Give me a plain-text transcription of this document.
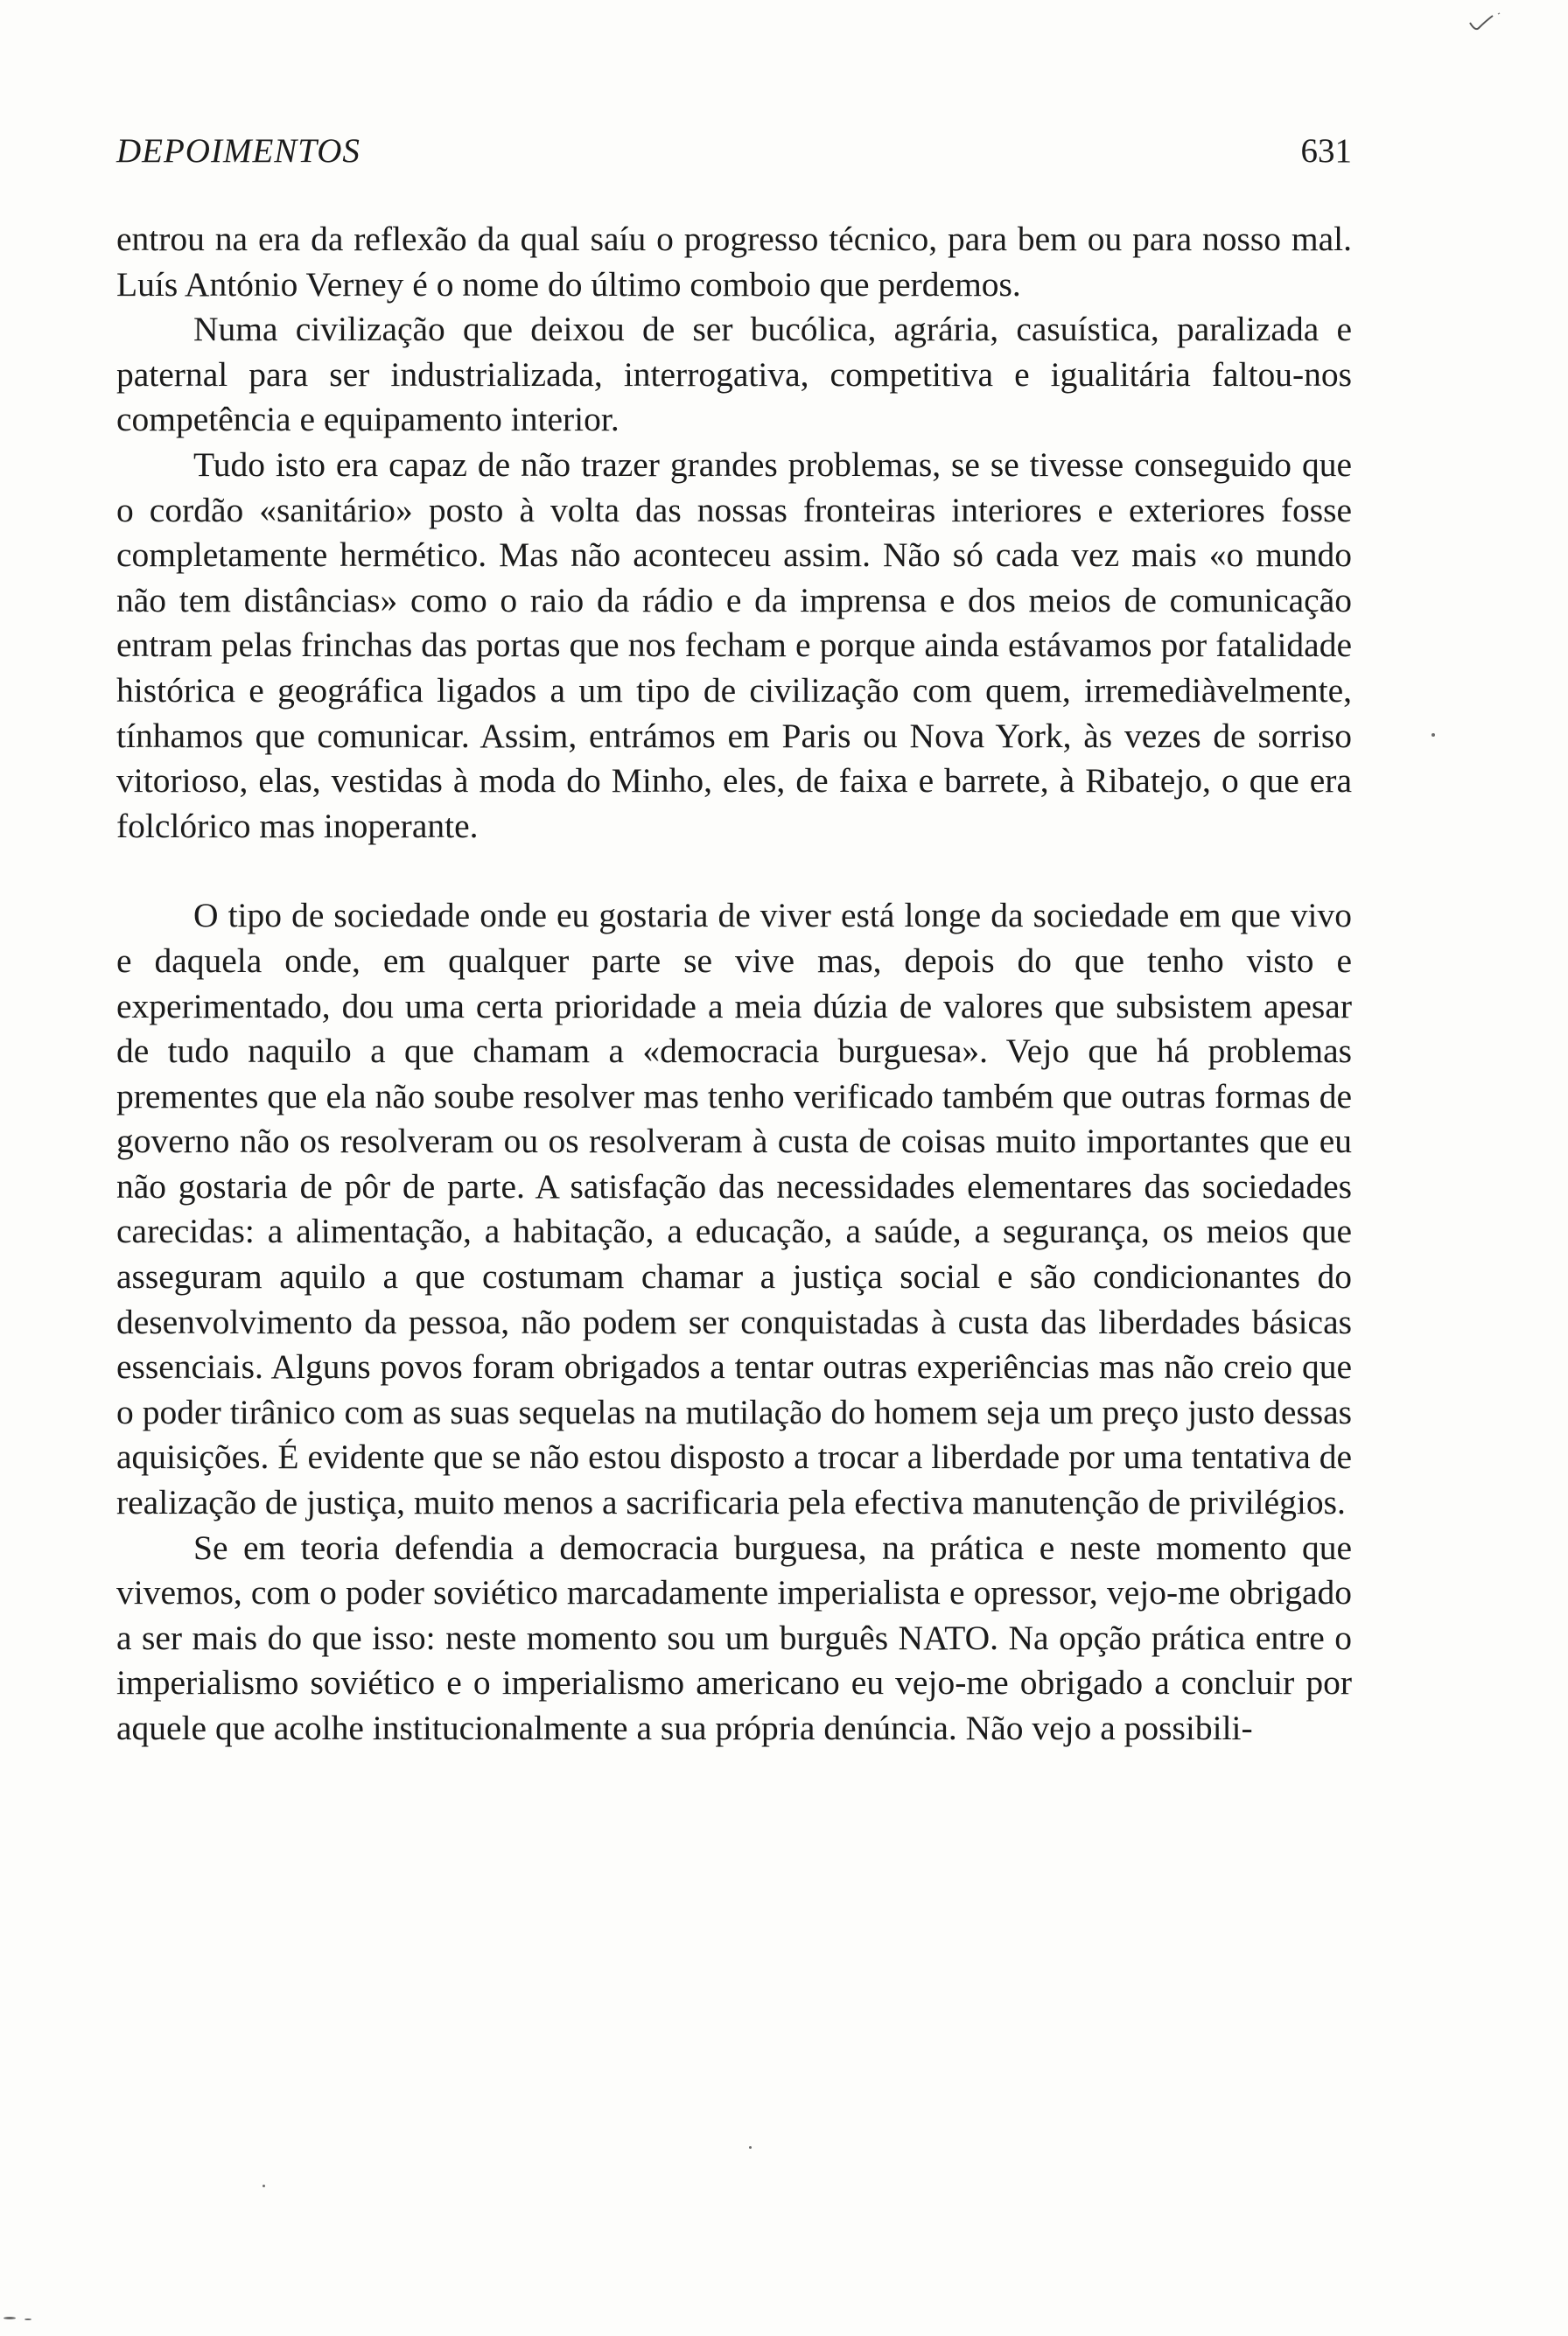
DEPOIMENTOS	631

entrou na era da reflexão da qual saíu o progresso técnico, para bem ou para nosso mal. Luís António Verney é o nome do último comboio que perdemos.

Numa civilização que deixou de ser bucólica, agrária, casuística, paralizada e paternal para ser industrializada, interrogativa, competitiva e igualitária faltou-nos competência e equipamento interior.

Tudo isto era capaz de não trazer grandes problemas, se se tivesse conseguido que o cordão «sanitário» posto à volta das nossas fronteiras interiores e exteriores fosse completamente hermético. Mas não aconteceu assim. Não só cada vez mais «o mundo não tem distâncias» como o raio da rádio e da imprensa e dos meios de comunicação entram pelas frinchas das portas que nos fecham e porque ainda estávamos por fatalidade histórica e geográfica ligados a um tipo de civilização com quem, irremediàvelmente, tínhamos que comunicar. Assim, entrámos em Paris ou Nova York, às vezes de sorriso vitorioso, elas, vestidas à moda do Minho, eles, de faixa e barrete, à Ribatejo, o que era folclórico mas inoperante.

O tipo de sociedade onde eu gostaria de viver está longe da sociedade em que vivo e daquela onde, em qualquer parte se vive mas, depois do que tenho visto e experimentado, dou uma certa prioridade a meia dúzia de valores que subsistem apesar de tudo naquilo a que chamam a «democracia burguesa». Vejo que há problemas prementes que ela não soube resolver mas tenho verificado também que outras formas de governo não os resolveram ou os resolveram à custa de coisas muito importantes que eu não gostaria de pôr de parte. A satisfação das necessidades elementares das sociedades carecidas: a alimentação, a habitação, a educação, a saúde, a segurança, os meios que asseguram aquilo a que costumam chamar a justiça social e são condicionantes do desenvolvimento da pessoa, não podem ser conquistadas à custa das liberdades básicas essenciais. Alguns povos foram obrigados a tentar outras experiências mas não creio que o poder tirânico com as suas sequelas na mutilação do homem seja um preço justo dessas aquisições. É evidente que se não estou disposto a trocar a liberdade por uma tentativa de realização de justiça, muito menos a sacrificaria pela efectiva manutenção de privilégios.

Se em teoria defendia a democracia burguesa, na prática e neste momento que vivemos, com o poder soviético marcadamente imperialista e opressor, vejo-me obrigado a ser mais do que isso: neste momento sou um burguês NATO. Na opção prática entre o imperialismo soviético e o imperialismo americano eu vejo-me obrigado a concluir por aquele que acolhe institucionalmente a sua própria denúncia. Não vejo a possibili-
